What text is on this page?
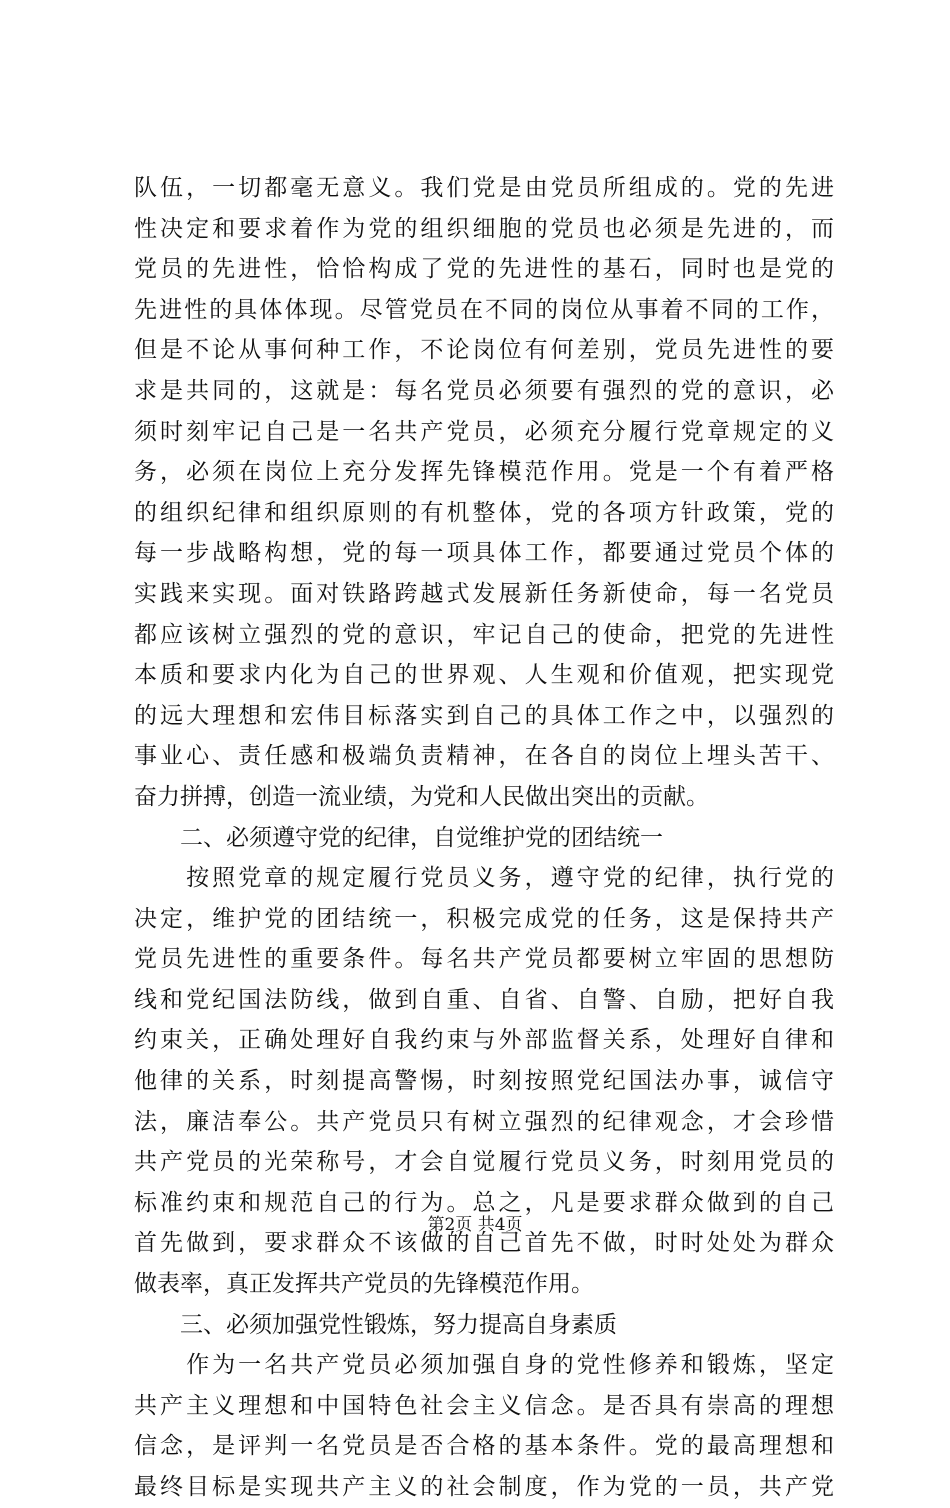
队伍，一切都毫无意义。我们党是由党员所组成的。党的先进
性决定和要求着作为党的组织细胞的党员也必须是先进的，而
党员的先进性，恰恰构成了党的先进性的基石，同时也是党的
先进性的具体体现。尽管党员在不同的岗位从事着不同的工作，
但是不论从事何种工作，不论岗位有何差别，党员先进性的要
求是共同的，这就是：每名党员必须要有强烈的党的意识，必
须时刻牢记自己是一名共产党员，必须充分履行党章规定的义
务，必须在岗位上充分发挥先锋模范作用。党是一个有着严格
的组织纪律和组织原则的有机整体，党的各项方针政策，党的
每一步战略构想，党的每一项具体工作，都要通过党员个体的
实践来实现。面对铁路跨越式发展新任务新使命，每一名党员
都应该树立强烈的党的意识，牢记自己的使命，把党的先进性
本质和要求内化为自己的世界观、人生观和价值观，把实现党
的远大理想和宏伟目标落实到自己的具体工作之中，以强烈的
事业心、责任感和极端负责精神，在各自的岗位上埋头苦干、
奋力拼搏，创造一流业绩，为党和人民做出突出的贡献。
　　二、必须遵守党的纪律，自觉维护党的团结统一
　　按照党章的规定履行党员义务，遵守党的纪律，执行党的
决定，维护党的团结统一，积极完成党的任务，这是保持共产
党员先进性的重要条件。每名共产党员都要树立牢固的思想防
线和党纪国法防线，做到自重、自省、自警、自励，把好自我
约束关，正确处理好自我约束与外部监督关系，处理好自律和
他律的关系，时刻提高警惕，时刻按照党纪国法办事，诚信守
法，廉洁奉公。共产党员只有树立强烈的纪律观念，才会珍惜
共产党员的光荣称号，才会自觉履行党员义务，时刻用党员的
标准约束和规范自己的行为。总之，凡是要求群众做到的自己
首先做到，要求群众不该做的自己首先不做，时时处处为群众
做表率，真正发挥共产党员的先锋模范作用。
　　三、必须加强党性锻炼，努力提高自身素质
　　作为一名共产党员必须加强自身的党性修养和锻炼，坚定
共产主义理想和中国特色社会主义信念。是否具有崇高的理想
信念，是评判一名党员是否合格的基本条件。党的最高理想和
最终目标是实现共产主义的社会制度，作为党的一员，共产党
第2页 共4页
